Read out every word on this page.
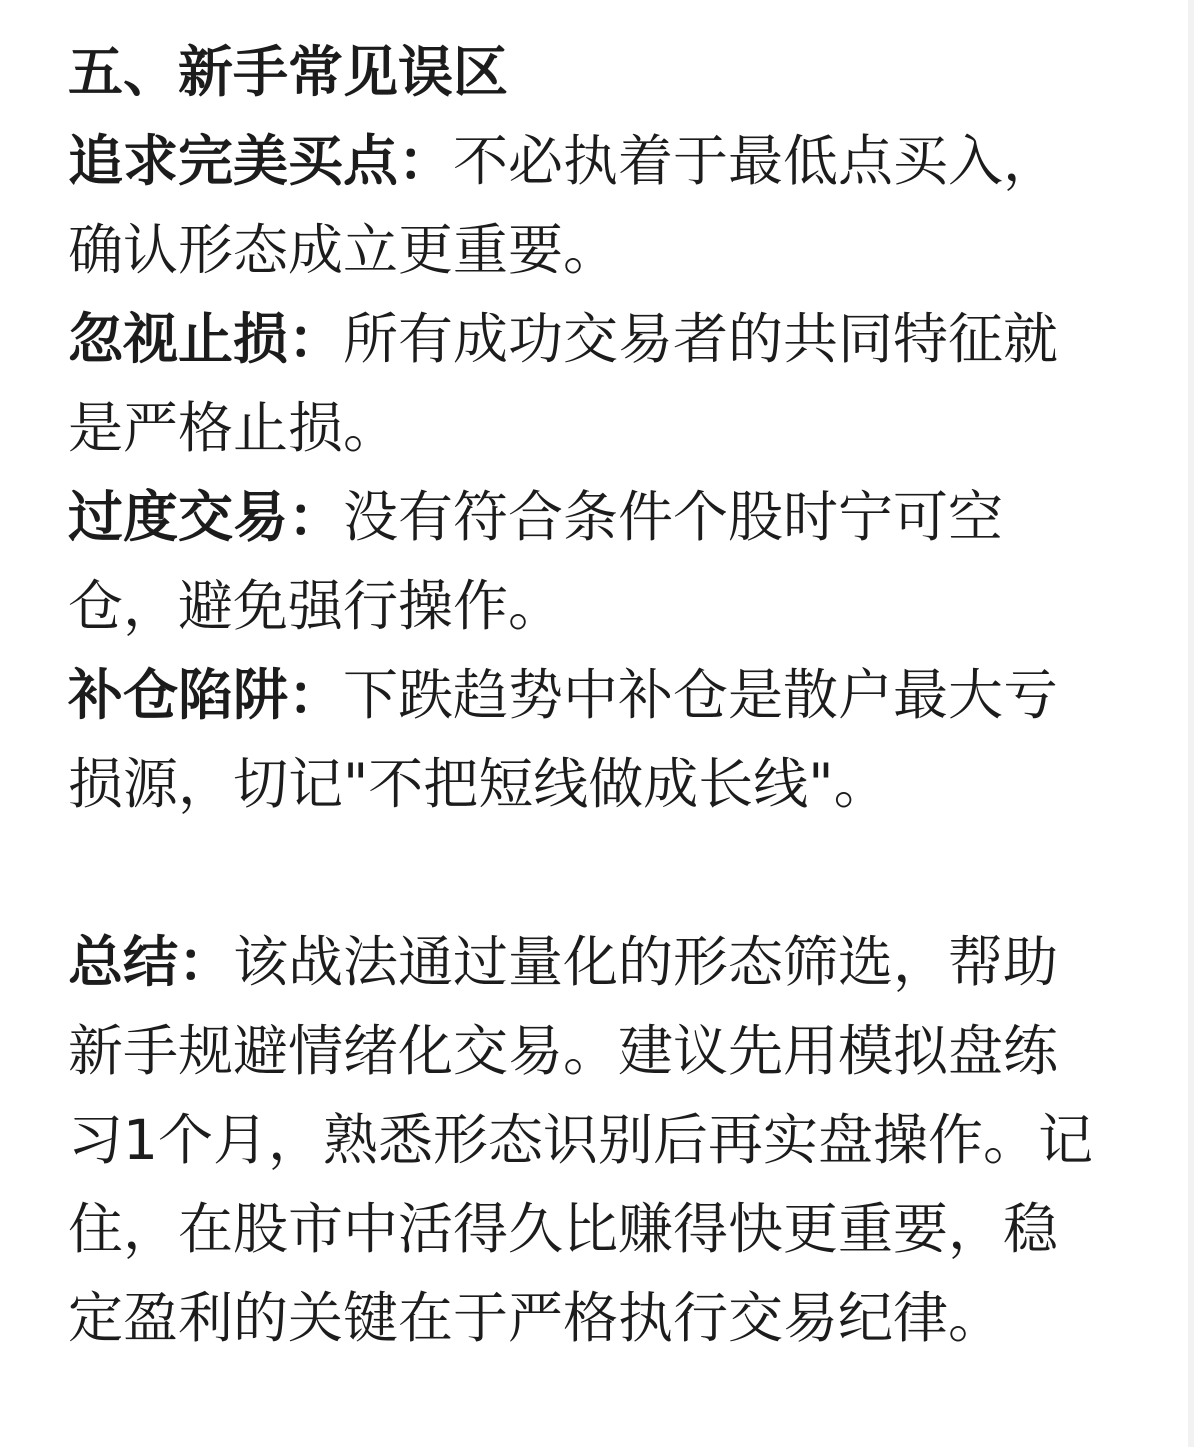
五、新手常见误区
追求完美买点：不必执着于最低点买入，
确认形态成立更重要。
忽视止损：所有成功交易者的共同特征就
是严格止损。
过度交易：没有符合条件个股时宁可空
仓，避免强行操作。
补仓陷阱：下跌趋势中补仓是散户最大亏
损源，切记"不把短线做成长线"。
总结：该战法通过量化的形态筛选，帮助
新手规避情绪化交易。建议先用模拟盘练
习1个月，熟悉形态识别后再实盘操作。记
住，在股市中活得久比赚得快更重要，稳
定盈利的关键在于严格执行交易纪律。
